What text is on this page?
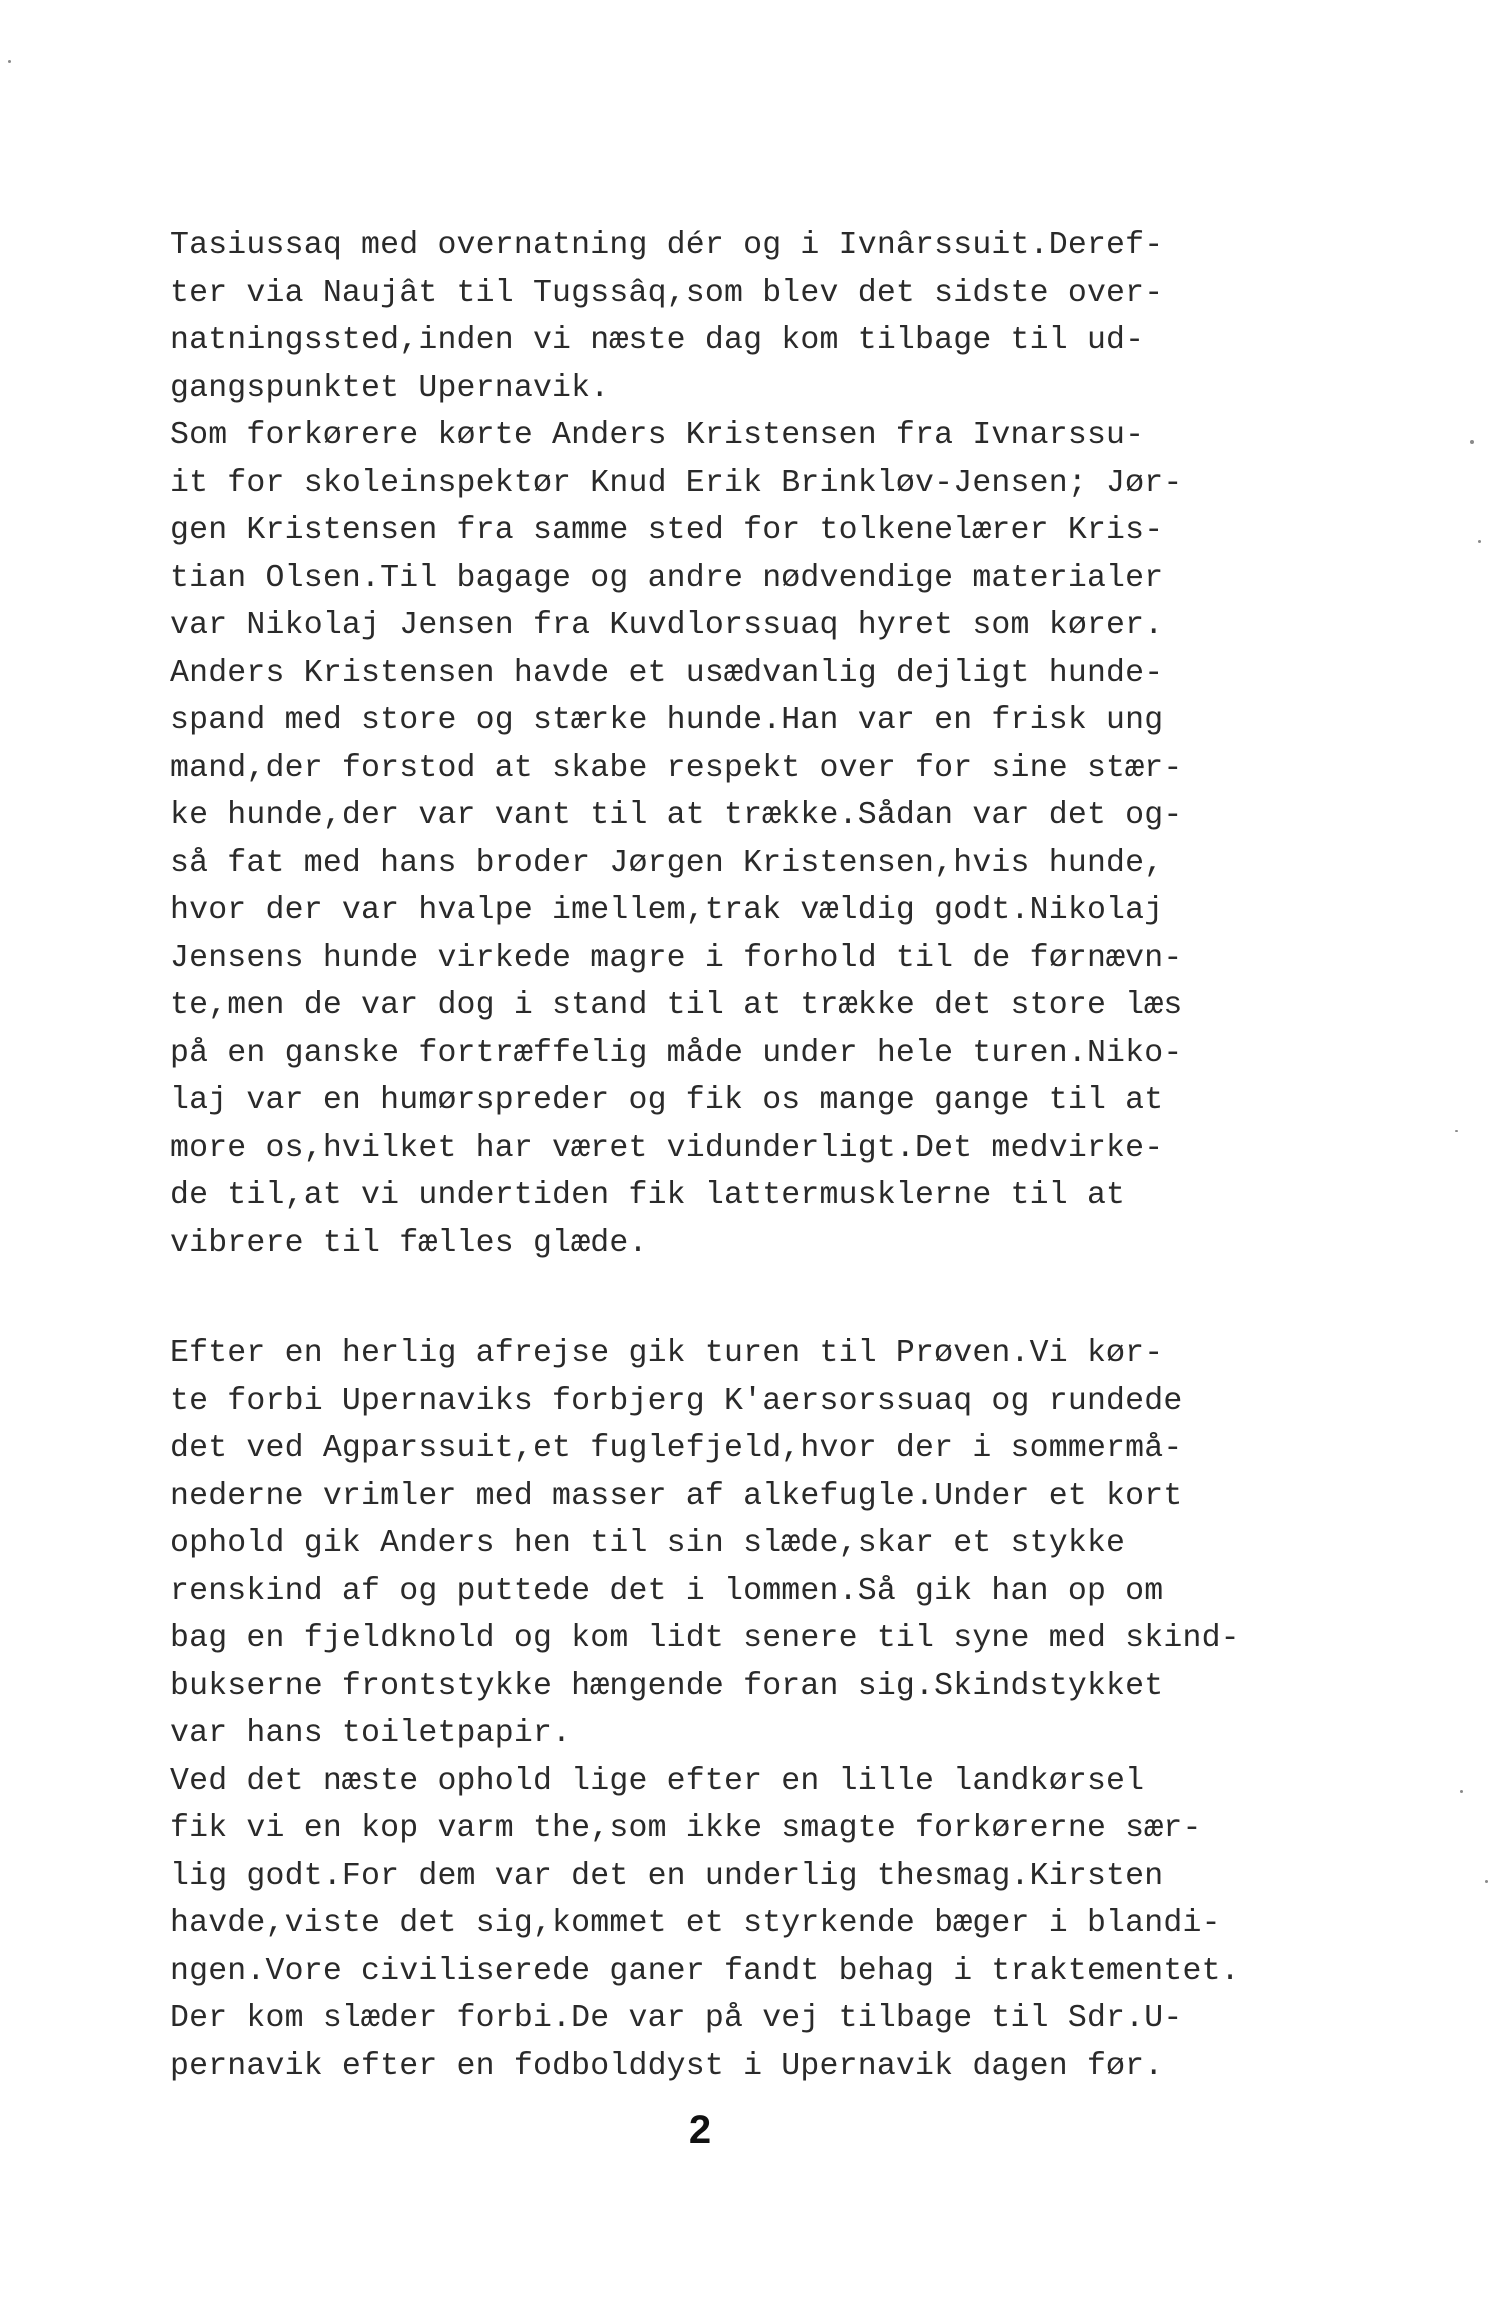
Tasiussaq med overnatning dér og i Ivnârssuit.Deref-
ter via Naujât til Tugssâq,som blev det sidste over-
natningssted,inden vi næste dag kom tilbage til ud-
gangspunktet Upernavik.
Som forkørere kørte Anders Kristensen fra Ivnarssu-
it for skoleinspektør Knud Erik Brinkløv-Jensen; Jør-
gen Kristensen fra samme sted for tolkenelærer Kris-
tian Olsen.Til bagage og andre nødvendige materialer
var Nikolaj Jensen fra Kuvdlorssuaq hyret som kører.
Anders Kristensen havde et usædvanlig dejligt hunde-
spand med store og stærke hunde.Han var en frisk ung
mand,der forstod at skabe respekt over for sine stær-
ke hunde,der var vant til at trække.Sådan var det og-
så fat med hans broder Jørgen Kristensen,hvis hunde,
hvor der var hvalpe imellem,trak vældig godt.Nikolaj
Jensens hunde virkede magre i forhold til de førnævn-
te,men de var dog i stand til at trække det store læs
på en ganske fortræffelig måde under hele turen.Niko-
laj var en humørspreder og fik os mange gange til at
more os,hvilket har været vidunderligt.Det medvirke-
de til,at vi undertiden fik lattermusklerne til at
vibrere til fælles glæde.
Efter en herlig afrejse gik turen til Prøven.Vi kør-
te forbi Upernaviks forbjerg K'aersorssuaq og rundede
det ved Agparssuit,et fuglefjeld,hvor der i sommermå-
nederne vrimler med masser af alkefugle.Under et kort
ophold gik Anders hen til sin slæde,skar et stykke
renskind af og puttede det i lommen.Så gik han op om
bag en fjeldknold og kom lidt senere til syne med skind-
bukserne frontstykke hængende foran sig.Skindstykket
var hans toiletpapir.
Ved det næste ophold lige efter en lille landkørsel
fik vi en kop varm the,som ikke smagte forkørerne sær-
lig godt.For dem var det en underlig thesmag.Kirsten
havde,viste det sig,kommet et styrkende bæger i blandi-
ngen.Vore civiliserede ganer fandt behag i traktementet.
Der kom slæder forbi.De var på vej tilbage til Sdr.U-
pernavik efter en fodbolddyst i Upernavik dagen før.
2
